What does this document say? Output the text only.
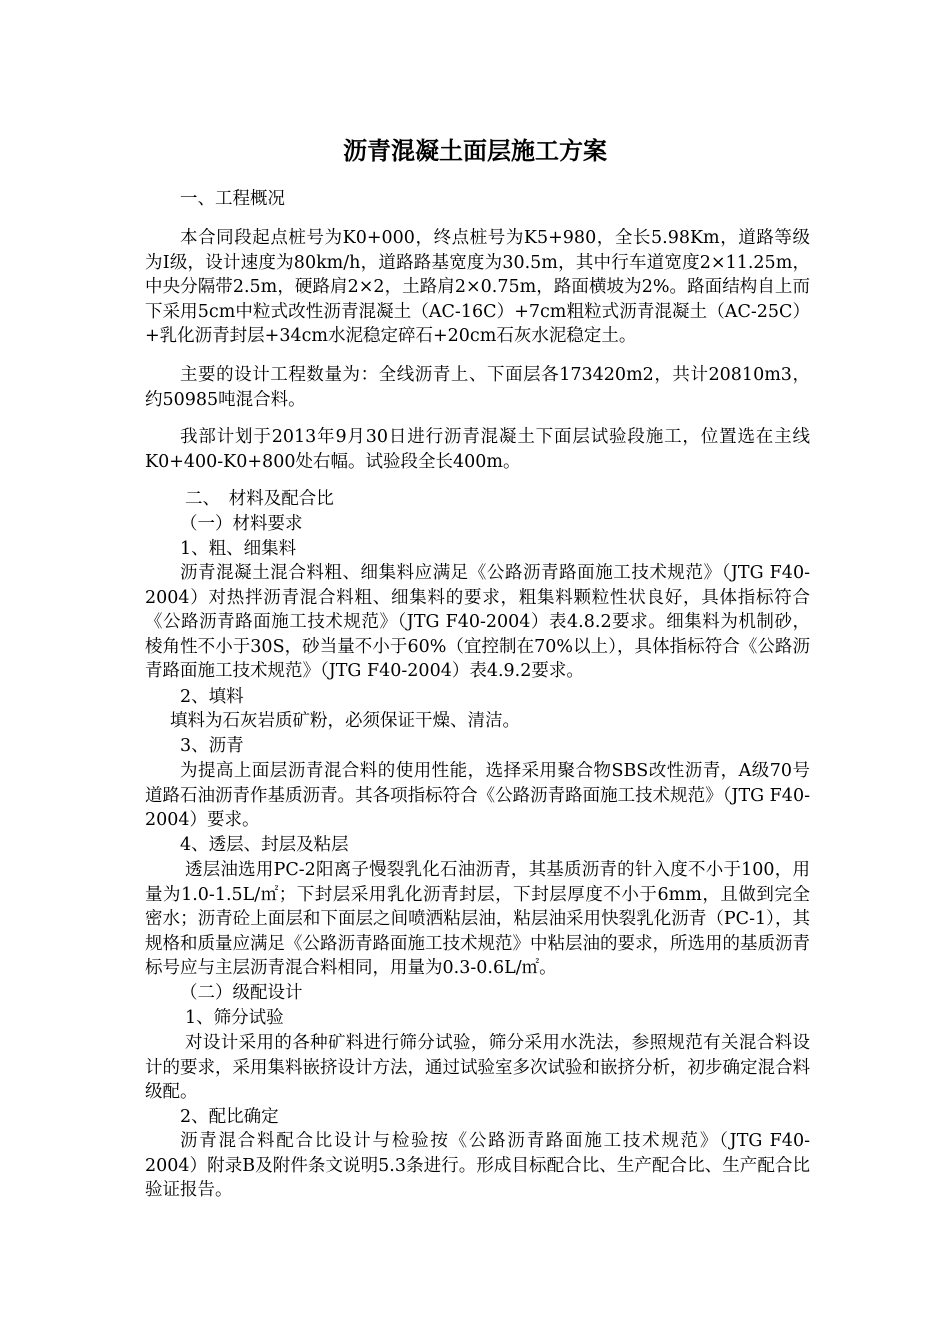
沥青混凝土面层施工方案

一、工程概况

本合同段起点桩号为K0+000，终点桩号为K5+980，全长5.98Km，道路等级为Ⅰ级，设计速度为80km/h，道路路基宽度为30.5m，其中行车道宽度2×11.25m，中央分隔带2.5m，硬路肩2×2，土路肩2×0.75m，路面横坡为2%。路面结构自上而下采用5cm中粒式改性沥青混凝土（AC-16C）+7cm粗粒式沥青混凝土（AC-25C）+乳化沥青封层+34cm水泥稳定碎石+20cm石灰水泥稳定土。

主要的设计工程数量为：全线沥青上、下面层各173420m2，共计20810m3，约50985吨混合料。

我部计划于2013年9月30日进行沥青混凝土下面层试验段施工，位置选在主线K0+400-K0+800处右幅。试验段全长400m。

二、　材料及配合比

（一）材料要求

1、粗、细集料

沥青混凝土混合料粗、细集料应满足《公路沥青路面施工技术规范》（JTG F40-2004）对热拌沥青混合料粗、细集料的要求，粗集料颗粒性状良好，具体指标符合《公路沥青路面施工技术规范》（JTG F40-2004）表4.8.2要求。细集料为机制砂，棱角性不小于30S，砂当量不小于60%（宜控制在70%以上），具体指标符合《公路沥青路面施工技术规范》（JTG F40-2004）表4.9.2要求。

2、填料

填料为石灰岩质矿粉，必须保证干燥、清洁。

3、沥青

为提高上面层沥青混合料的使用性能，选择采用聚合物SBS改性沥青，A级70号道路石油沥青作基质沥青。其各项指标符合《公路沥青路面施工技术规范》（JTG F40-2004）要求。

4、透层、封层及粘层

透层油选用PC-2阳离子慢裂乳化石油沥青，其基质沥青的针入度不小于100，用量为1.0-1.5L/㎡；下封层采用乳化沥青封层，下封层厚度不小于6mm，且做到完全密水；沥青砼上面层和下面层之间喷洒粘层油，粘层油采用快裂乳化沥青（PC-1），其规格和质量应满足《公路沥青路面施工技术规范》中粘层油的要求，所选用的基质沥青标号应与主层沥青混合料相同，用量为0.3-0.6L/㎡。

（二）级配设计

1、筛分试验

对设计采用的各种矿料进行筛分试验，筛分采用水洗法，参照规范有关混合料设计的要求，采用集料嵌挤设计方法，通过试验室多次试验和嵌挤分析，初步确定混合料级配。

2、配比确定

沥青混合料配合比设计与检验按《公路沥青路面施工技术规范》（JTG F40-2004）附录B及附件条文说明5.3条进行。形成目标配合比、生产配合比、生产配合比验证报告。
